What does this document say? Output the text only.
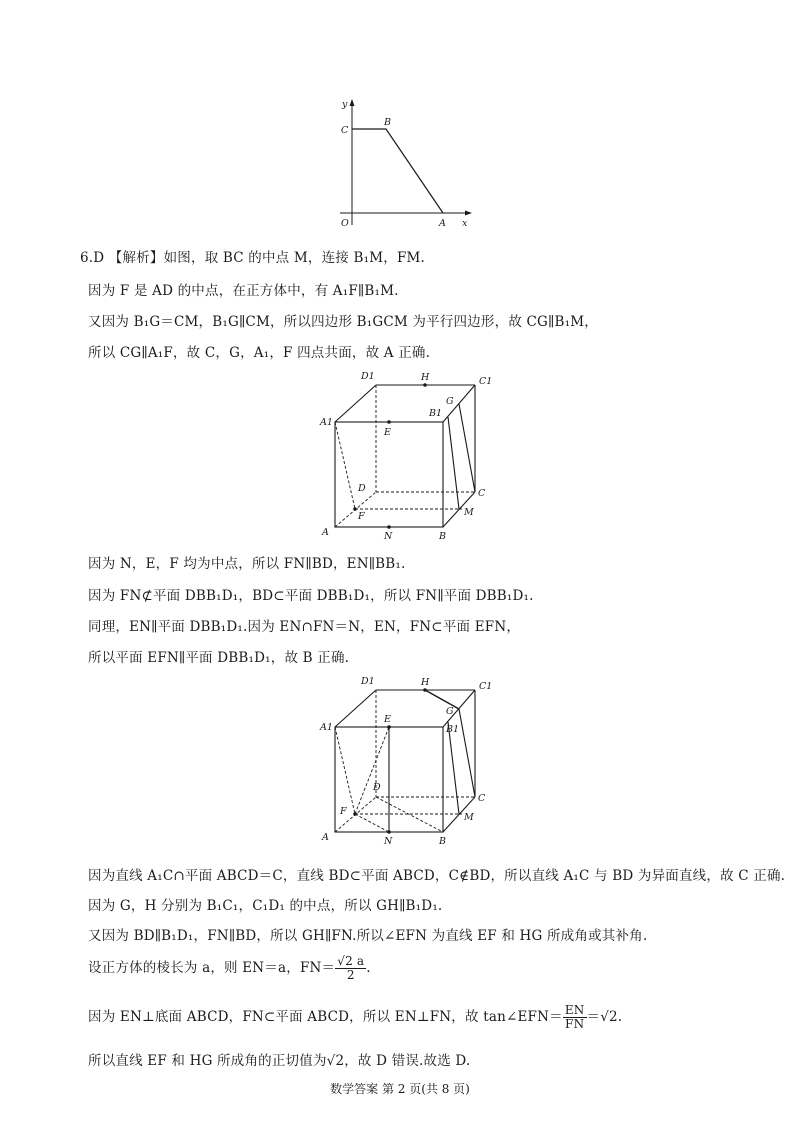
y
x
O
C
B
A
6.D 【解析】如图，取 BC 的中点 M，连接 B₁M，FM.
因为 F 是 AD 的中点，在正方体中，有 A₁F∥B₁M.
又因为 B₁G＝CM，B₁G∥CM，所以四边形 B₁GCM 为平行四边形，故 CG∥B₁M，
所以 CG∥A₁F，故 C，G，A₁，F 四点共面，故 A 正确.
D1	H	C1
G
B1
A1
E
D	C
F	M
A	N	B
因为 N，E，F 均为中点，所以 FN∥BD，EN∥BB₁.
因为 FN⊄平面 DBB₁D₁，BD⊂平面 DBB₁D₁，所以 FN∥平面 DBB₁D₁.
同理，EN∥平面 DBB₁D₁.因为 EN∩FN＝N，EN，FN⊂平面 EFN，
所以平面 EFN∥平面 DBB₁D₁，故 B 正确.
D1	H	C1
G
B1
A1
E
D
C
F
M
A	N	B
因为直线 A₁C∩平面 ABCD＝C，直线 BD⊂平面 ABCD，C∉BD，所以直线 A₁C 与 BD 为异面直线，故 C 正确.
因为 G，H 分别为 B₁C₁，C₁D₁ 的中点，所以 GH∥B₁D₁.
又因为 BD∥B₁D₁，FN∥BD，所以 GH∥FN.所以∠EFN 为直线 EF 和 HG 所成角或其补角.
设正方体的棱长为 a，则 EN＝a，$FN= \frac{√2 a}{2}$ .
因为 EN⊥底面 ABCD，FN⊂平面 ABCD，所以 EN⊥FN，故 tan∠EFN＝ $\frac{EN}{FN} =√2$.
所以直线 EF 和 HG 所成角的正切值为√2，故 D 错误.故选 D.
数学答案 第 2 页(共 8 页)
